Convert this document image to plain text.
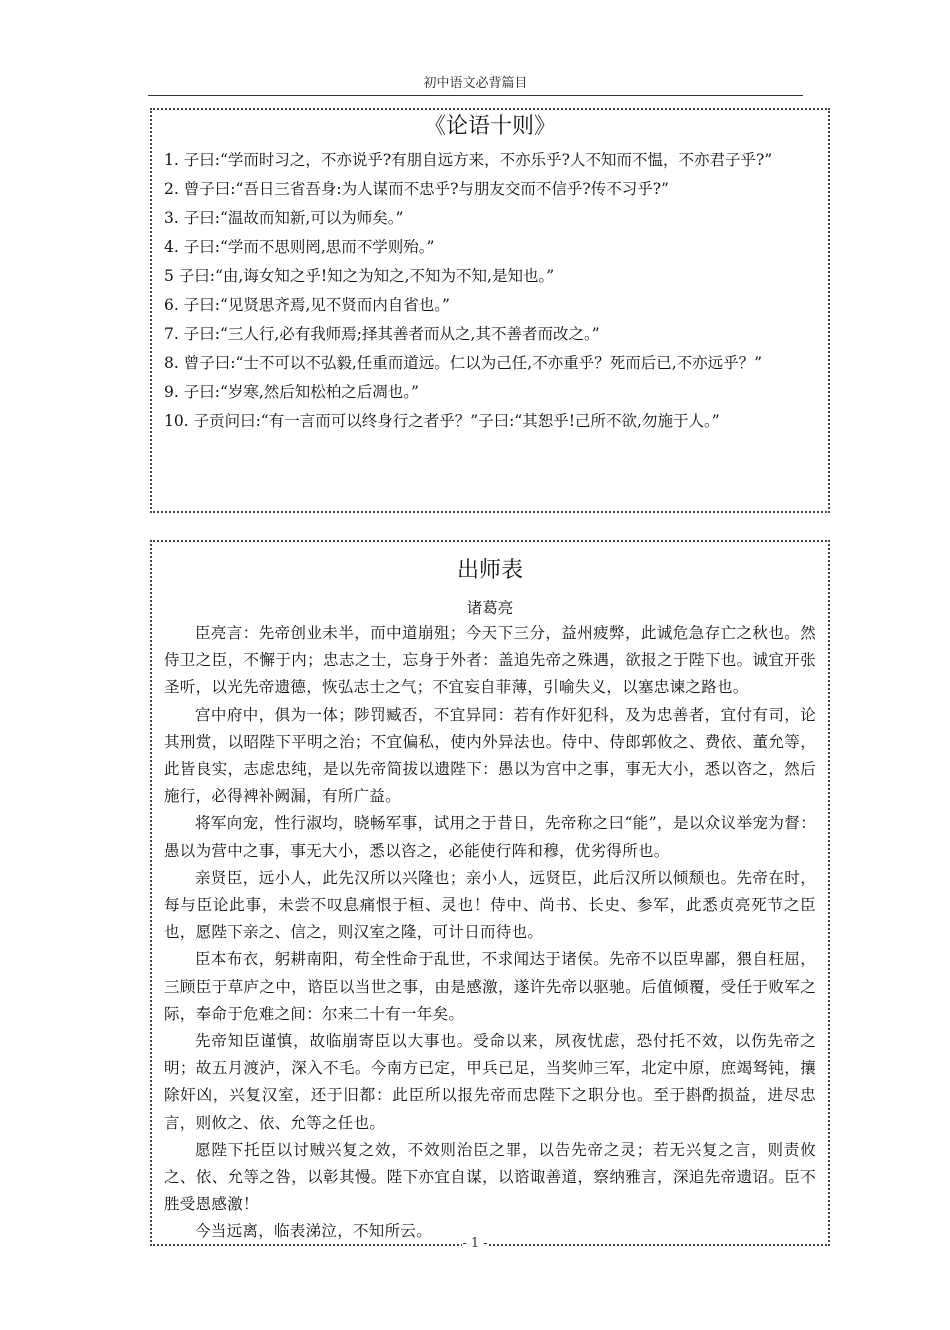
初中语文必背篇目
《论语十则》

1. 子曰:“学而时习之，不亦说乎?有朋自远方来，不亦乐乎?人不知而不愠，不亦君子乎?”

2. 曾子曰:“吾日三省吾身:为人谋而不忠乎?与朋友交而不信乎?传不习乎?”

3. 子曰:“温故而知新,可以为师矣。”

4. 子曰:“学而不思则罔,思而不学则殆。”

5 子曰:“由,诲女知之乎!知之为知之,不知为不知,是知也。”

6. 子曰:“见贤思齐焉,见不贤而内自省也。”

7. 子曰:“三人行,必有我师焉;择其善者而从之,其不善者而改之。”

8. 曾子曰:“士不可以不弘毅,任重而道远。仁以为己任,不亦重乎？死而后已,不亦远乎？”

9. 子曰:“岁寒,然后知松柏之后凋也。”

10. 子贡问曰:“有一言而可以终身行之者乎？”子曰:“其恕乎!己所不欲,勿施于人。”

出师表
诸葛亮

臣亮言：先帝创业未半，而中道崩殂；今天下三分，益州疲弊，此诚危急存亡之秋也。然侍卫之臣，不懈于内；忠志之士，忘身于外者：盖追先帝之殊遇，欲报之于陛下也。诚宜开张圣听，以光先帝遗德，恢弘志士之气；不宜妄自菲薄，引喻失义，以塞忠谏之路也。

宫中府中，俱为一体；陟罚臧否，不宜异同：若有作奸犯科，及为忠善者，宜付有司，论其刑赏，以昭陛下平明之治；不宜偏私，使内外异法也。侍中、侍郎郭攸之、费依、董允等，此皆良实，志虑忠纯，是以先帝简拔以遗陛下：愚以为宫中之事，事无大小，悉以咨之，然后施行，必得裨补阙漏，有所广益。

将军向宠，性行淑均，晓畅军事，试用之于昔日，先帝称之曰“能”，是以众议举宠为督：愚以为营中之事，事无大小，悉以咨之，必能使行阵和穆，优劣得所也。

亲贤臣，远小人，此先汉所以兴隆也；亲小人，远贤臣，此后汉所以倾颓也。先帝在时，每与臣论此事，未尝不叹息痛恨于桓、灵也！侍中、尚书、长史、参军，此悉贞亮死节之臣也，愿陛下亲之、信之，则汉室之隆，可计日而待也。

臣本布衣，躬耕南阳，苟全性命于乱世，不求闻达于诸侯。先帝不以臣卑鄙，猥自枉屈，三顾臣于草庐之中，谘臣以当世之事，由是感激，遂许先帝以驱驰。后值倾覆，受任于败军之际，奉命于危难之间：尔来二十有一年矣。

先帝知臣谨慎，故临崩寄臣以大事也。受命以来，夙夜忧虑，恐付托不效，以伤先帝之明；故五月渡泸，深入不毛。今南方已定，甲兵已足，当奖帅三军，北定中原，庶竭驽钝，攘除奸凶，兴复汉室，还于旧都：此臣所以报先帝而忠陛下之职分也。至于斟酌损益，进尽忠言，则攸之、依、允等之任也。

愿陛下托臣以讨贼兴复之效，不效则治臣之罪，以告先帝之灵；若无兴复之言，则责攸之、依、允等之咎，以彰其慢。陛下亦宜自谋，以谘诹善道，察纳雅言，深追先帝遗诏。臣不胜受恩感激！

今当远离，临表涕泣，不知所云。

- 1 -
